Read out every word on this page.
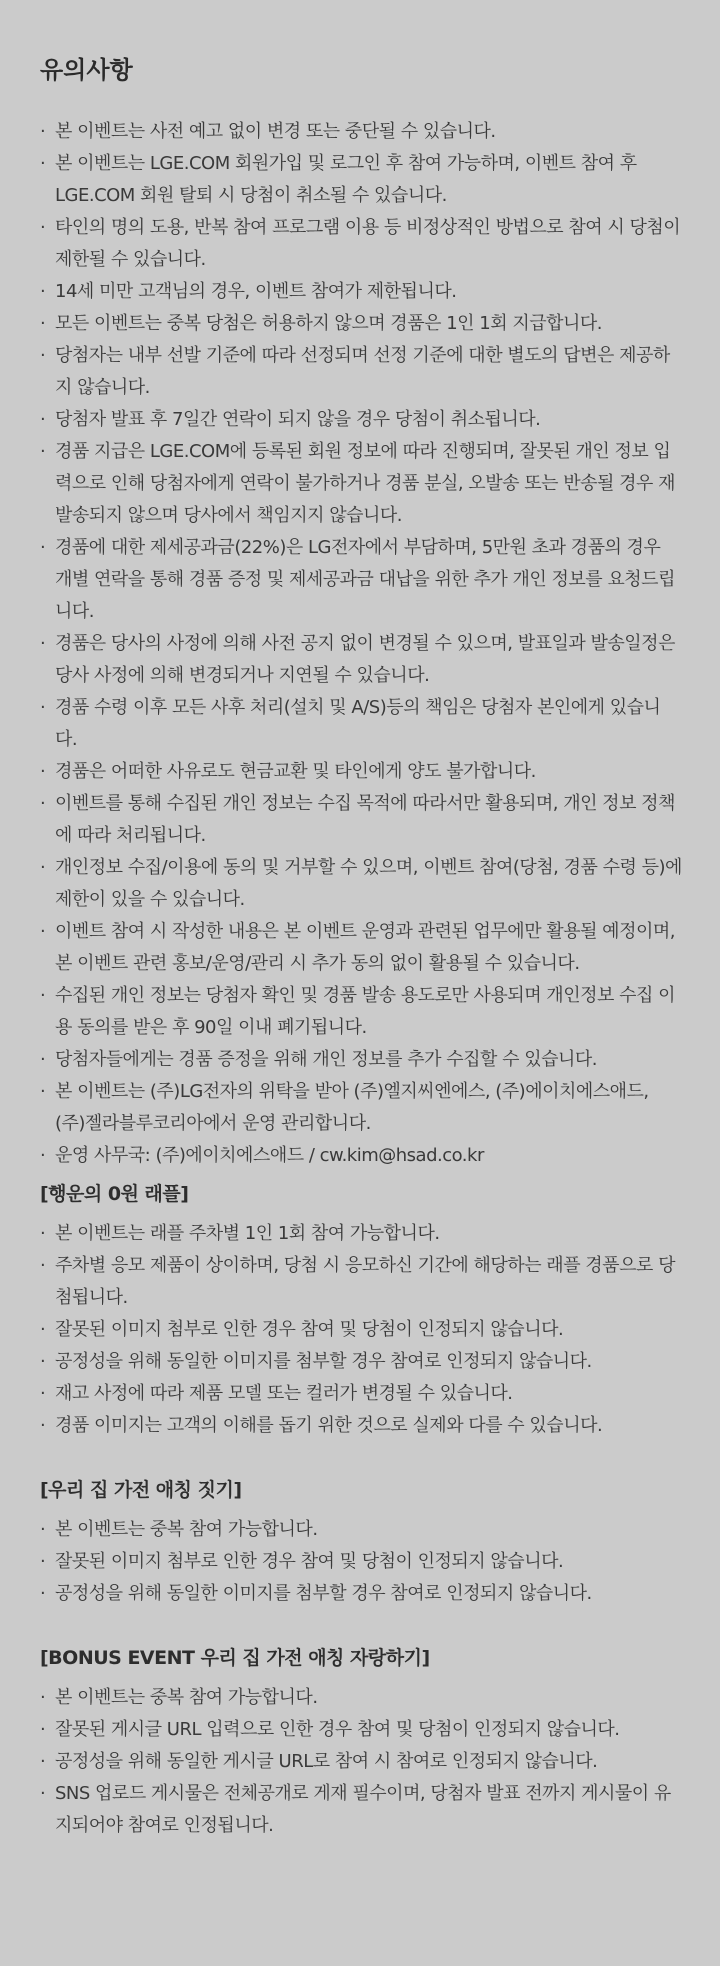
유의사항
· 본 이벤트는 사전 예고 없이 변경 또는 중단될 수 있습니다.
· 본 이벤트는 LGE.COM 회원가입 및 로그인 후 참여 가능하며, 이벤트 참여 후 LGE.COM 회원 탈퇴 시 당첨이 취소될 수 있습니다.
· 타인의 명의 도용, 반복 참여 프로그램 이용 등 비정상적인 방법으로 참여 시 당첨이 제한될 수 있습니다.
· 14세 미만 고객님의 경우, 이벤트 참여가 제한됩니다.
· 모든 이벤트는 중복 당첨은 허용하지 않으며 경품은 1인 1회 지급합니다.
· 당첨자는 내부 선발 기준에 따라 선정되며 선정 기준에 대한 별도의 답변은 제공하지 않습니다.
· 당첨자 발표 후 7일간 연락이 되지 않을 경우 당첨이 취소됩니다.
· 경품 지급은 LGE.COM에 등록된 회원 정보에 따라 진행되며, 잘못된 개인 정보 입력으로 인해 당첨자에게 연락이 불가하거나 경품 분실, 오발송 또는 반송될 경우 재발송되지 않으며 당사에서 책임지지 않습니다.
· 경품에 대한 제세공과금(22%)은 LG전자에서 부담하며, 5만원 초과 경품의 경우 개별 연락을 통해 경품 증정 및 제세공과금 대납을 위한 추가 개인 정보를 요청드립니다.
· 경품은 당사의 사정에 의해 사전 공지 없이 변경될 수 있으며, 발표일과 발송일정은 당사 사정에 의해 변경되거나 지연될 수 있습니다.
· 경품 수령 이후 모든 사후 처리(설치 및 A/S)등의 책임은 당첨자 본인에게 있습니다.
· 경품은 어떠한 사유로도 현금교환 및 타인에게 양도 불가합니다.
· 이벤트를 통해 수집된 개인 정보는 수집 목적에 따라서만 활용되며, 개인 정보 정책에 따라 처리됩니다.
· 개인정보 수집/이용에 동의 및 거부할 수 있으며, 이벤트 참여(당첨, 경품 수령 등)에 제한이 있을 수 있습니다.
· 이벤트 참여 시 작성한 내용은 본 이벤트 운영과 관련된 업무에만 활용될 예정이며, 본 이벤트 관련 홍보/운영/관리 시 추가 동의 없이 활용될 수 있습니다.
· 수집된 개인 정보는 당첨자 확인 및 경품 발송 용도로만 사용되며 개인정보 수집 이용 동의를 받은 후 90일 이내 폐기됩니다.
· 당첨자들에게는 경품 증정을 위해 개인 정보를 추가 수집할 수 있습니다.
· 본 이벤트는 (주)LG전자의 위탁을 받아 (주)엘지씨엔에스, (주)에이치에스애드, (주)젤라블루코리아에서 운영 관리합니다.
· 운영 사무국: (주)에이치에스애드 / cw.kim@hsad.co.kr
[행운의 0원 래플]
· 본 이벤트는 래플 주차별 1인 1회 참여 가능합니다.
· 주차별 응모 제품이 상이하며, 당첨 시 응모하신 기간에 해당하는 래플 경품으로 당첨됩니다.
· 잘못된 이미지 첨부로 인한 경우 참여 및 당첨이 인정되지 않습니다.
· 공정성을 위해 동일한 이미지를 첨부할 경우 참여로 인정되지 않습니다.
· 재고 사정에 따라 제품 모델 또는 컬러가 변경될 수 있습니다.
· 경품 이미지는 고객의 이해를 돕기 위한 것으로 실제와 다를 수 있습니다.
[우리 집 가전 애칭 짓기]
· 본 이벤트는 중복 참여 가능합니다.
· 잘못된 이미지 첨부로 인한 경우 참여 및 당첨이 인정되지 않습니다.
· 공정성을 위해 동일한 이미지를 첨부할 경우 참여로 인정되지 않습니다.
[BONUS EVENT 우리 집 가전 애칭 자랑하기]
· 본 이벤트는 중복 참여 가능합니다.
· 잘못된 게시글 URL 입력으로 인한 경우 참여 및 당첨이 인정되지 않습니다.
· 공정성을 위해 동일한 게시글 URL로 참여 시 참여로 인정되지 않습니다.
· SNS 업로드 게시물은 전체공개로 게재 필수이며, 당첨자 발표 전까지 게시물이 유지되어야 참여로 인정됩니다.
